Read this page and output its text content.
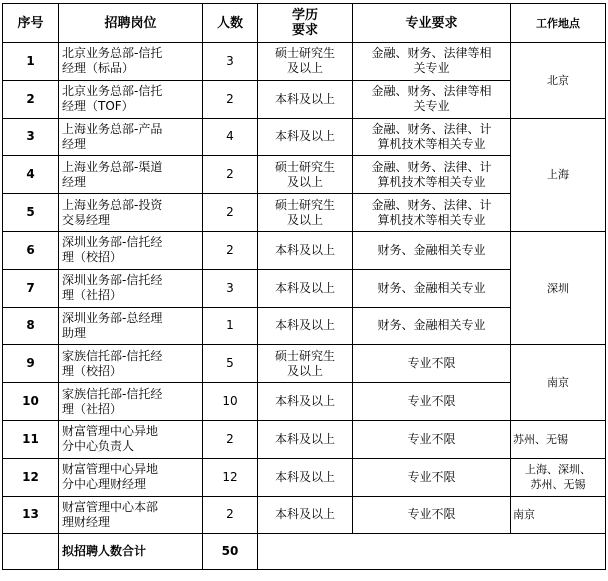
序号	招聘岗位	人数	学历
要求	专业要求	工作地点
1	北京业务总部-信托
经理（标品）	3	硕士研究生
及以上	金融、财务、法律等相
关专业	北京
2	北京业务总部-信托
经理（TOF）	2	本科及以上	金融、财务、法律等相
关专业	
3	上海业务总部-产品
经理	4	本科及以上	金融、财务、法律、计
算机技术等相关专业	上海
4	上海业务总部-渠道
经理	2	硕士研究生
及以上	金融、财务、法律、计
算机技术等相关专业	
5	上海业务总部-投资
交易经理	2	硕士研究生
及以上	金融、财务、法律、计
算机技术等相关专业	
6	深圳业务部-信托经
理（校招）	2	本科及以上	财务、金融相关专业	深圳
7	深圳业务部-信托经
理（社招）	3	本科及以上	财务、金融相关专业	
8	深圳业务部-总经理
助理	1	本科及以上	财务、金融相关专业	
9	家族信托部-信托经
理（校招）	5	硕士研究生
及以上	专业不限	南京
10	家族信托部-信托经
理（社招）	10	本科及以上	专业不限	
11	财富管理中心异地
分中心负责人	2	本科及以上	专业不限	苏州、无锡
12	财富管理中心异地
分中心理财经理	12	本科及以上	专业不限	上海、深圳、
苏州、无锡
13	财富管理中心本部
理财经理	2	本科及以上	专业不限	南京
	拟招聘人数合计	50			
